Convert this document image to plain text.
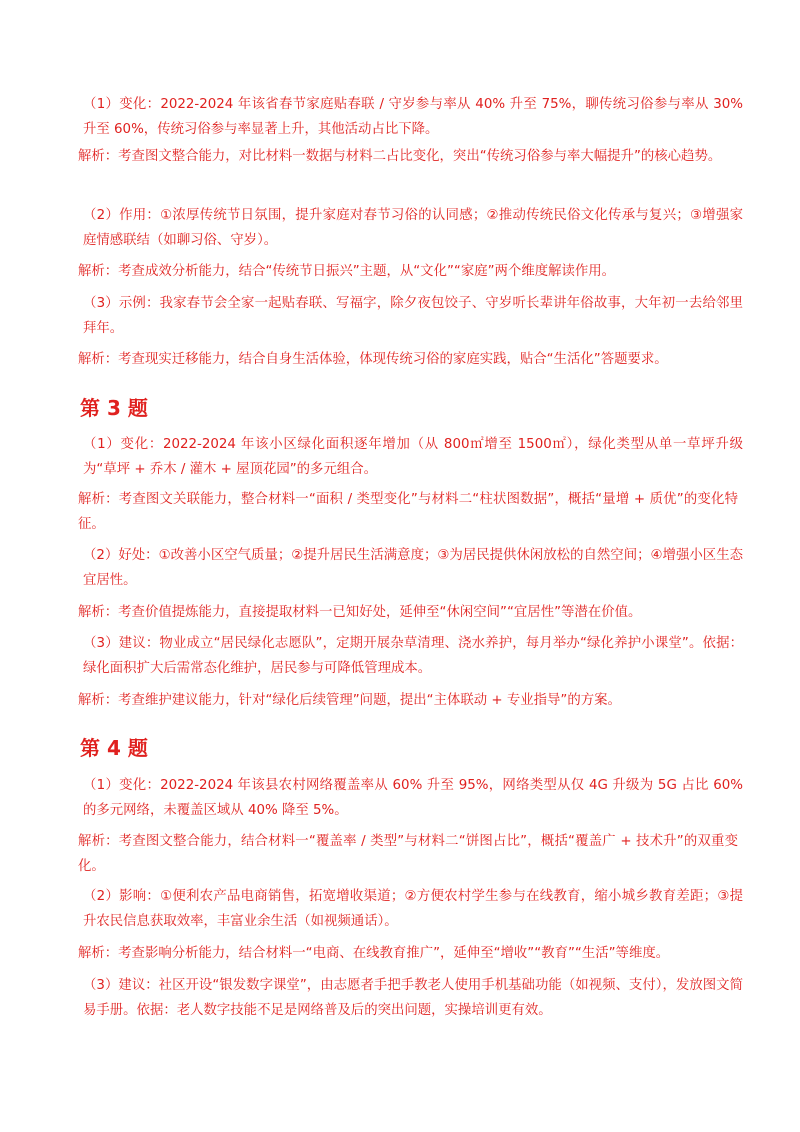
（1）变化：2022-2024 年该省春节家庭贴春联 / 守岁参与率从 40% 升至 75%，聊传统习俗参与率从 30% 升至 60%，传统习俗参与率显著上升，其他活动占比下降。

解析：考查图文整合能力，对比材料一数据与材料二占比变化，突出“传统习俗参与率大幅提升”的核心趋势。

（2）作用：①浓厚传统节日氛围，提升家庭对春节习俗的认同感；②推动传统民俗文化传承与复兴；③增强家庭情感联结（如聊习俗、守岁）。

解析：考查成效分析能力，结合“传统节日振兴”主题，从“文化”“家庭”两个维度解读作用。

（3）示例：我家春节会全家一起贴春联、写福字，除夕夜包饺子、守岁听长辈讲年俗故事，大年初一去给邻里拜年。

解析：考查现实迁移能力，结合自身生活体验，体现传统习俗的家庭实践，贴合“生活化”答题要求。

第 3 题

（1）变化：2022-2024 年该小区绿化面积逐年增加（从 800㎡增至 1500㎡），绿化类型从单一草坪升级为“草坪 + 乔木 / 灌木 + 屋顶花园”的多元组合。

解析：考查图文关联能力，整合材料一“面积 / 类型变化”与材料二“柱状图数据”，概括“量增 + 质优”的变化特征。

（2）好处：①改善小区空气质量；②提升居民生活满意度；③为居民提供休闲放松的自然空间；④增强小区生态宜居性。

解析：考查价值提炼能力，直接提取材料一已知好处，延伸至“休闲空间”“宜居性”等潜在价值。

（3）建议：物业成立“居民绿化志愿队”，定期开展杂草清理、浇水养护，每月举办“绿化养护小课堂”。依据：绿化面积扩大后需常态化维护，居民参与可降低管理成本。

解析：考查维护建议能力，针对“绿化后续管理”问题，提出“主体联动 + 专业指导”的方案。

第 4 题

（1）变化：2022-2024 年该县农村网络覆盖率从 60% 升至 95%，网络类型从仅 4G 升级为 5G 占比 60% 的多元网络，未覆盖区域从 40% 降至 5%。

解析：考查图文整合能力，结合材料一“覆盖率 / 类型”与材料二“饼图占比”，概括“覆盖广 + 技术升”的双重变化。

（2）影响：①便利农产品电商销售，拓宽增收渠道；②方便农村学生参与在线教育，缩小城乡教育差距；③提升农民信息获取效率，丰富业余生活（如视频通话）。

解析：考查影响分析能力，结合材料一“电商、在线教育推广”，延伸至“增收”“教育”“生活”等维度。

（3）建议：社区开设“银发数字课堂”，由志愿者手把手教老人使用手机基础功能（如视频、支付），发放图文简易手册。依据：老人数字技能不足是网络普及后的突出问题，实操培训更有效。
